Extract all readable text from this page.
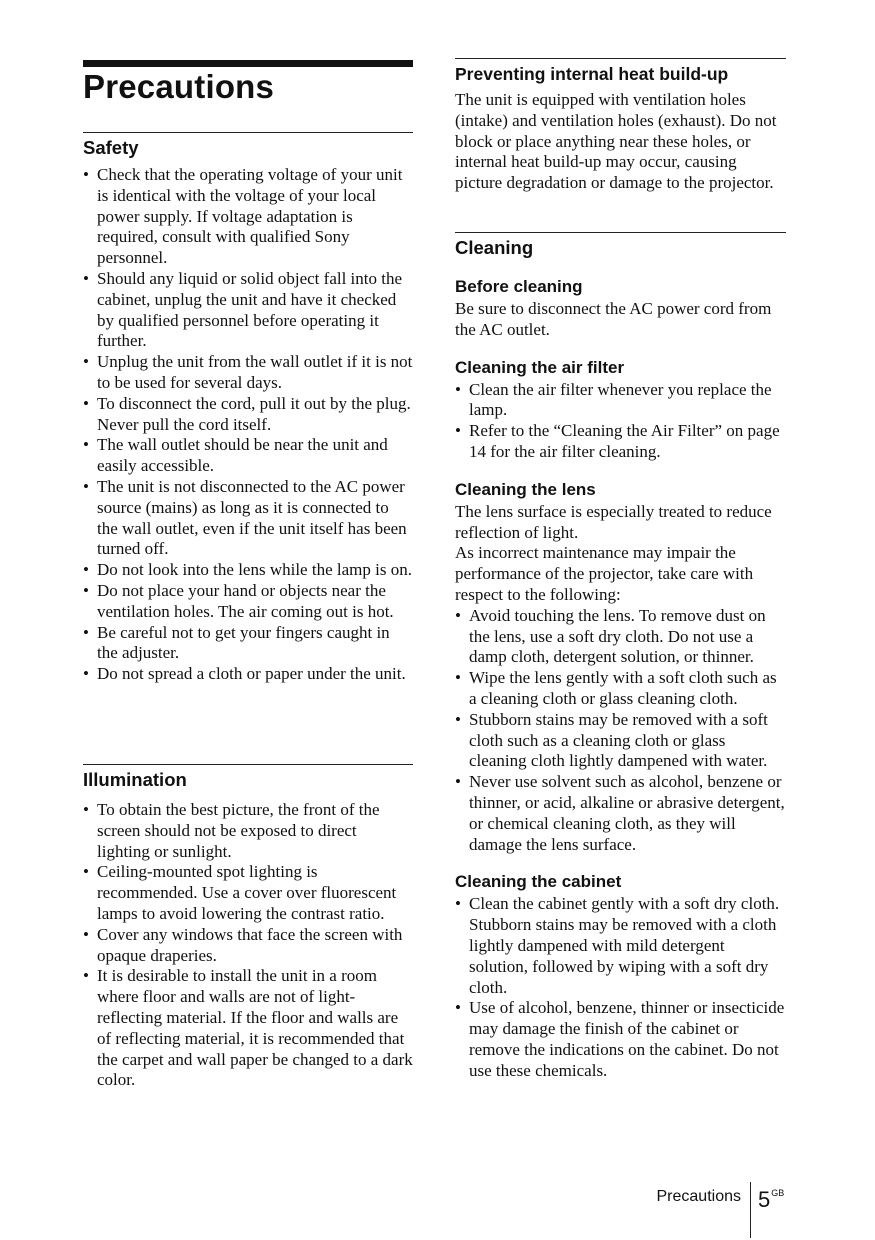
Precautions
Safety
• Check that the operating voltage of your unit is identical with the voltage of your local power supply. If voltage adaptation is required, consult with qualified Sony personnel.
• Should any liquid or solid object fall into the cabinet, unplug the unit and have it checked by qualified personnel before operating it further.
• Unplug the unit from the wall outlet if it is not to be used for several days.
• To disconnect the cord, pull it out by the plug. Never pull the cord itself.
• The wall outlet should be near the unit and easily accessible.
• The unit is not disconnected to the AC power source (mains) as long as it is connected to the wall outlet, even if the unit itself has been turned off.
• Do not look into the lens while the lamp is on.
• Do not place your hand or objects near the ventilation holes. The air coming out is hot.
• Be careful not to get your fingers caught in the adjuster.
• Do not spread a cloth or paper under the unit.
Illumination
• To obtain the best picture, the front of the screen should not be exposed to direct lighting or sunlight.
• Ceiling-mounted spot lighting is recommended. Use a cover over fluorescent lamps to avoid lowering the contrast ratio.
• Cover any windows that face the screen with opaque draperies.
• It is desirable to install the unit in a room where floor and walls are not of light-reflecting material. If the floor and walls are of reflecting material, it is recommended that the carpet and wall paper be changed to a dark color.
Preventing internal heat build-up

The unit is equipped with ventilation holes (intake) and ventilation holes (exhaust). Do not block or place anything near these holes, or internal heat build-up may occur, causing picture degradation or damage to the projector.

Cleaning
Before cleaning

Be sure to disconnect the AC power cord from the AC outlet.

Cleaning the air filter
• Clean the air filter whenever you replace the lamp.
• Refer to the “Cleaning the Air Filter” on page 14 for the air filter cleaning.
Cleaning the lens

The lens surface is especially treated to reduce reflection of light.

As incorrect maintenance may impair the performance of the projector, take care with respect to the following:

• Avoid touching the lens. To remove dust on the lens, use a soft dry cloth. Do not use a damp cloth, detergent solution, or thinner.
• Wipe the lens gently with a soft cloth such as a cleaning cloth or glass cleaning cloth.
• Stubborn stains may be removed with a soft cloth such as a cleaning cloth or glass cleaning cloth lightly dampened with water.
• Never use solvent such as alcohol, benzene or thinner, or acid, alkaline or abrasive detergent, or chemical cleaning cloth, as they will damage the lens surface.
Cleaning the cabinet
• Clean the cabinet gently with a soft dry cloth. Stubborn stains may be removed with a cloth lightly dampened with mild detergent solution, followed by wiping with a soft dry cloth.
• Use of alcohol, benzene, thinner or insecticide may damage the finish of the cabinet or remove the indications on the cabinet. Do not use these chemicals.
Precautions $5^{GB}$
